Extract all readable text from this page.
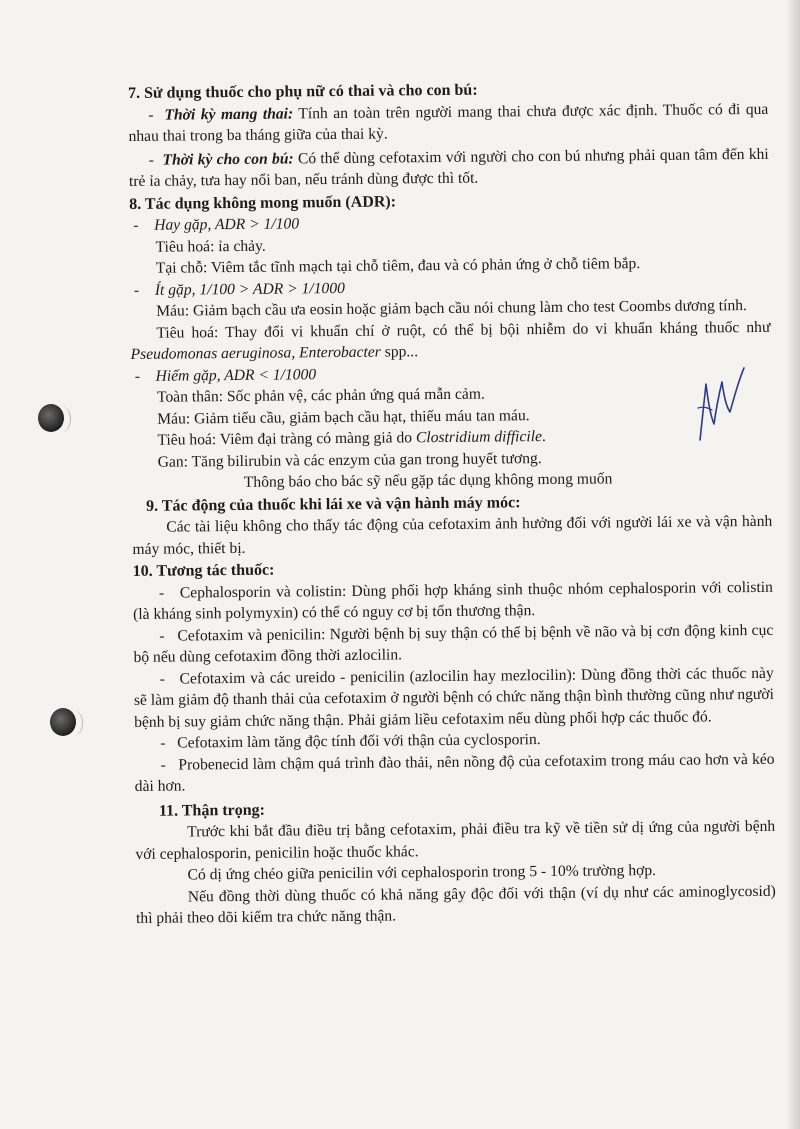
7. Sử dụng thuốc cho phụ nữ có thai và cho con bú:

- Thời kỳ mang thai: Tính an toàn trên người mang thai chưa được xác định. Thuốc có đi qua nhau thai trong ba tháng giữa của thai kỳ.

- Thời kỳ cho con bú: Có thể dùng cefotaxim với người cho con bú nhưng phải quan tâm đến khi trẻ ỉa chảy, tưa hay nổi ban, nếu tránh dùng được thì tốt.

8. Tác dụng không mong muốn (ADR):

- Hay gặp, ADR > 1/100

Tiêu hoá: ỉa chảy.

Tại chỗ: Viêm tắc tĩnh mạch tại chỗ tiêm, đau và có phản ứng ở chỗ tiêm bắp.

- Ít gặp, 1/100 > ADR > 1/1000

Máu: Giảm bạch cầu ưa eosin hoặc giảm bạch cầu nói chung làm cho test Coombs dương tính.

Tiêu hoá: Thay đổi vi khuẩn chí ở ruột, có thể bị bội nhiễm do vi khuẩn kháng thuốc như Pseudomonas aeruginosa, Enterobacter spp...

- Hiếm gặp, ADR < 1/1000

Toàn thân: Sốc phản vệ, các phản ứng quá mẫn cảm.

Máu: Giảm tiểu cầu, giảm bạch cầu hạt, thiếu máu tan máu.

Tiêu hoá: Viêm đại tràng có màng giả do Clostridium difficile.

Gan: Tăng bilirubin và các enzym của gan trong huyết tương.

Thông báo cho bác sỹ nếu gặp tác dụng không mong muốn

9. Tác động của thuốc khi lái xe và vận hành máy móc:

Các tài liệu không cho thấy tác động của cefotaxim ảnh hưởng đối với người lái xe và vận hành máy móc, thiết bị.

10. Tương tác thuốc:

- Cephalosporin và colistin: Dùng phối hợp kháng sinh thuộc nhóm cephalosporin với colistin (là kháng sinh polymyxin) có thể có nguy cơ bị tổn thương thận.

- Cefotaxim và penicilin: Người bệnh bị suy thận có thể bị bệnh về não và bị cơn động kinh cục bộ nếu dùng cefotaxim đồng thời azlocilin.

- Cefotaxim và các ureido - penicilin (azlocilin hay mezlocilin): Dùng đồng thời các thuốc này sẽ làm giảm độ thanh thải của cefotaxim ở người bệnh có chức năng thận bình thường cũng như người bệnh bị suy giảm chức năng thận. Phải giảm liều cefotaxim nếu dùng phối hợp các thuốc đó.

- Cefotaxim làm tăng độc tính đối với thận của cyclosporin.

- Probenecid làm chậm quá trình đào thải, nên nồng độ của cefotaxim trong máu cao hơn và kéo dài hơn.

11. Thận trọng:

Trước khi bắt đầu điều trị bằng cefotaxim, phải điều tra kỹ về tiền sử dị ứng của người bệnh với cephalosporin, penicilin hoặc thuốc khác.

Có dị ứng chéo giữa penicilin với cephalosporin trong 5 - 10% trường hợp.

Nếu đồng thời dùng thuốc có khả năng gây độc đối với thận (ví dụ như các aminoglycosid) thì phải theo dõi kiểm tra chức năng thận.
